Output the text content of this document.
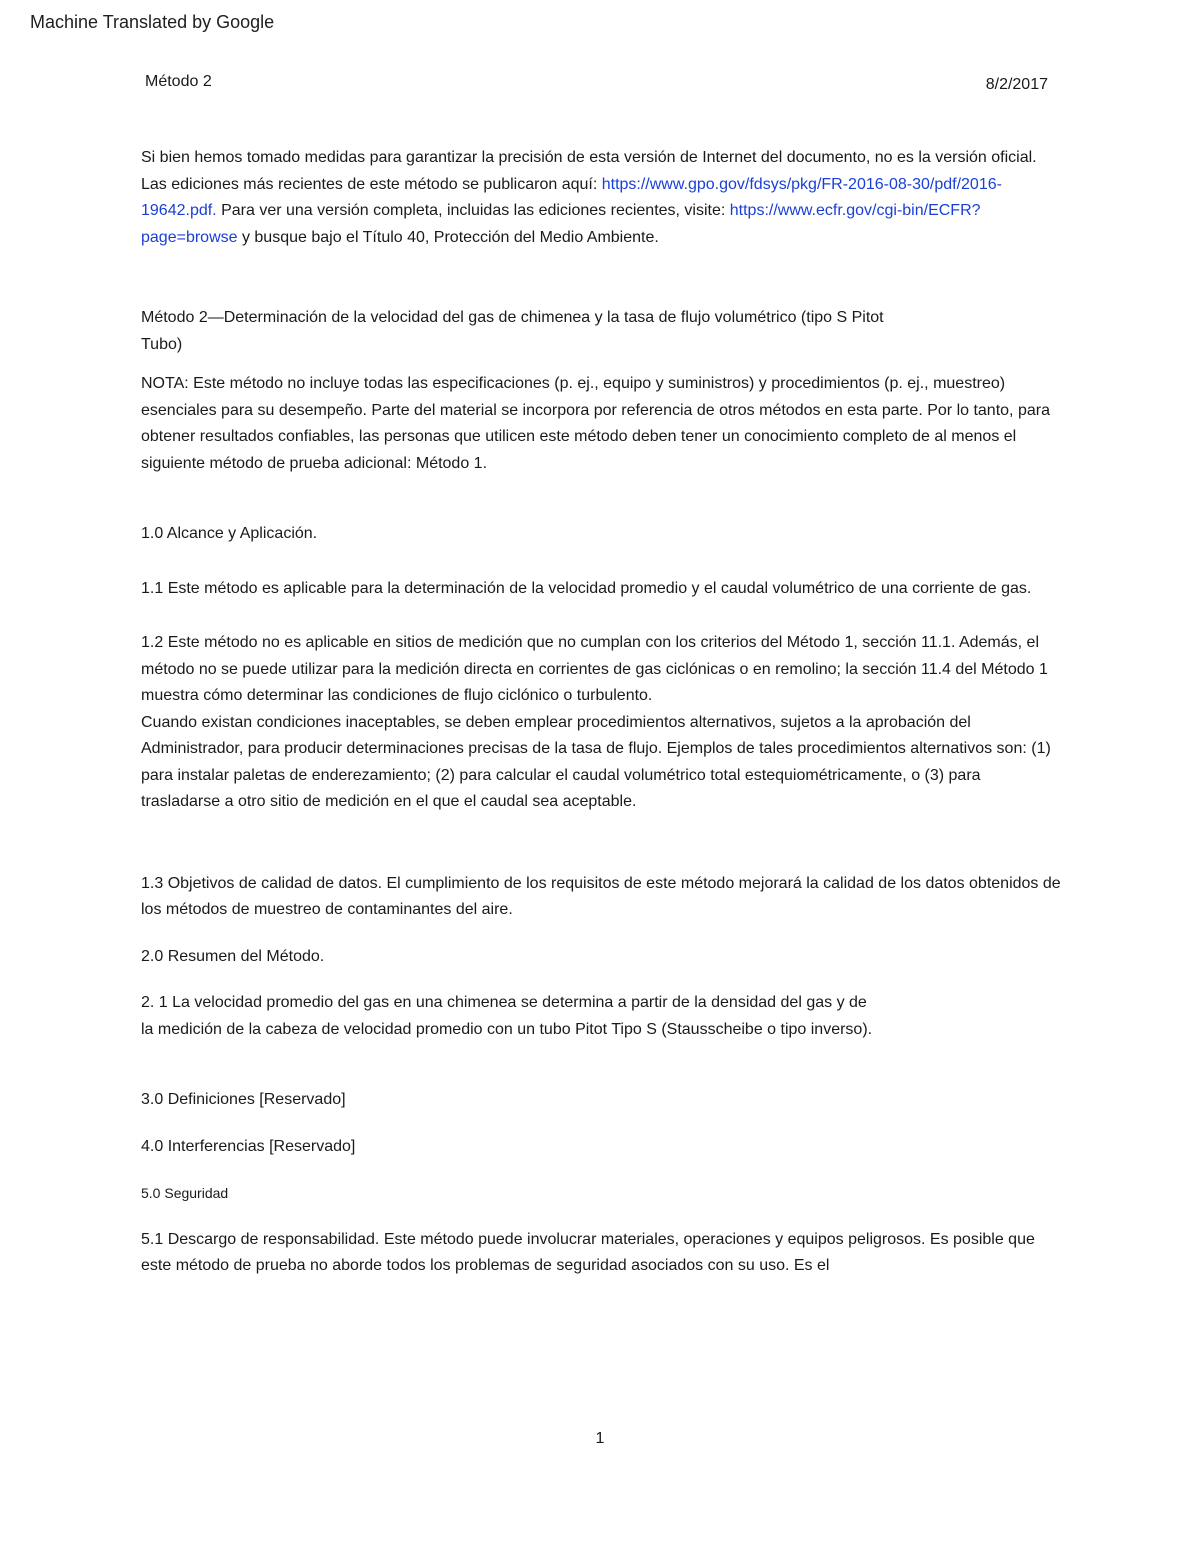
Machine Translated by Google
Método 2	8/2/2017

Si bien hemos tomado medidas para garantizar la precisión de esta versión de Internet del documento, no es la versión oficial. Las ediciones más recientes de este método se publicaron aquí: https://www.gpo.gov/fdsys/pkg/FR-2016-08-30/pdf/2016-19642.pdf. Para ver una versión completa, incluidas las ediciones recientes, visite: https://www.ecfr.gov/cgi-bin/ECFR?page=browse y busque bajo el Título 40, Protección del Medio Ambiente.

Método 2—Determinación de la velocidad del gas de chimenea y la tasa de flujo volumétrico (tipo S Pitot
Tubo)

NOTA: Este método no incluye todas las especificaciones (p. ej., equipo y suministros) y procedimientos (p. ej., muestreo) esenciales para su desempeño. Parte del material se incorpora por referencia de otros métodos en esta parte. Por lo tanto, para obtener resultados confiables, las personas que utilicen este método deben tener un conocimiento completo de al menos el siguiente método de prueba adicional: Método 1.

1.0 Alcance y Aplicación.

1.1 Este método es aplicable para la determinación de la velocidad promedio y el caudal volumétrico de una corriente de gas.

1.2 Este método no es aplicable en sitios de medición que no cumplan con los criterios del Método 1, sección 11.1. Además, el método no se puede utilizar para la medición directa en corrientes de gas ciclónicas o en remolino; la sección 11.4 del Método 1 muestra cómo determinar las condiciones de flujo ciclónico o turbulento.
Cuando existan condiciones inaceptables, se deben emplear procedimientos alternativos, sujetos a la aprobación del Administrador, para producir determinaciones precisas de la tasa de flujo. Ejemplos de tales procedimientos alternativos son: (1) para instalar paletas de enderezamiento; (2) para calcular el caudal volumétrico total estequiométricamente, o (3) para trasladarse a otro sitio de medición en el que el caudal sea aceptable.

1.3 Objetivos de calidad de datos. El cumplimiento de los requisitos de este método mejorará la calidad de los datos obtenidos de los métodos de muestreo de contaminantes del aire.

2.0 Resumen del Método.

2. 1 La velocidad promedio del gas en una chimenea se determina a partir de la densidad del gas y de
la medición de la cabeza de velocidad promedio con un tubo Pitot Tipo S (Stausscheibe o tipo inverso).

3.0 Definiciones [Reservado]

4.0 Interferencias [Reservado]

5.0 Seguridad

5.1 Descargo de responsabilidad. Este método puede involucrar materiales, operaciones y equipos peligrosos. Es posible que este método de prueba no aborde todos los problemas de seguridad asociados con su uso. Es el

1
